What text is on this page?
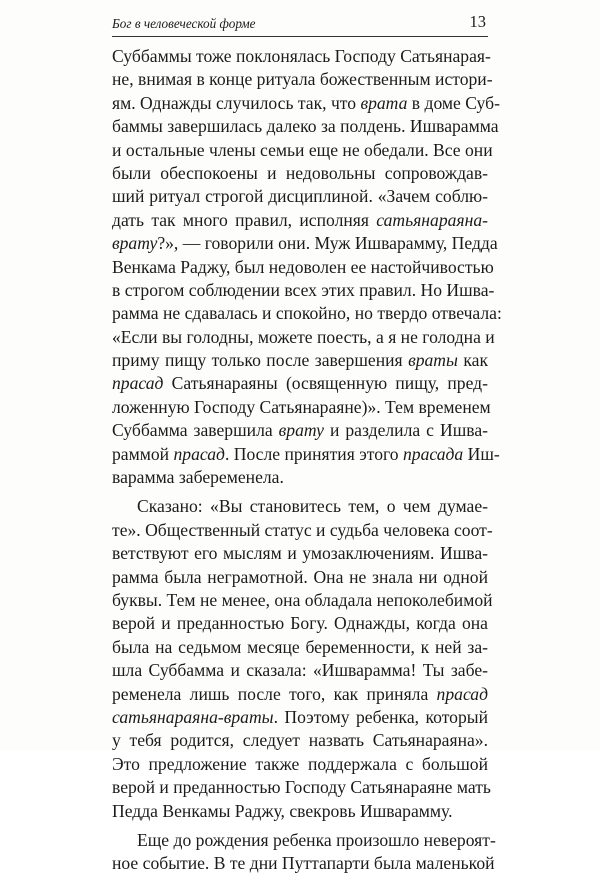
Бог в человеческой форме	13
Суббаммы тоже поклонялась Господу Сатьянарая-
не, внимая в конце ритуала божественным истори-
ям. Однажды случилось так, что врата в доме Суб-
баммы завершилась далеко за полдень. Ишварамма
и остальные члены семьи еще не обедали. Все они
были обеспокоены и недовольны сопровождав-
ший ритуал строгой дисциплиной. «Зачем соблю-
дать так много правил, исполняя сатьянараяна-
врату?», — говорили они. Муж Ишварамму, Педда
Венкама Раджу, был недоволен ее настойчивостью
в строгом соблюдении всех этих правил. Но Ишва-
рамма не сдавалась и спокойно, но твердо отвечала:
«Если вы голодны, можете поесть, а я не голодна и
приму пищу только после завершения враты как
прасад Сатьянараяны (освященную пищу, пред-
ложенную Господу Сатьянараяне)». Тем временем
Суббамма завершила врату и разделила с Ишва-
раммой прасад. После принятия этого прасада Иш-
варамма забеременела.
Сказано: «Вы становитесь тем, о чем думае-
те». Общественный статус и судьба человека соот-
ветствуют его мыслям и умозаключениям. Ишва-
рамма была неграмотной. Она не знала ни одной
буквы. Тем не менее, она обладала непоколебимой
верой и преданностью Богу. Однажды, когда она
была на седьмом месяце беременности, к ней за-
шла Суббамма и сказала: «Ишварамма! Ты забе-
ременела лишь после того, как приняла прасад
сатьянараяна-враты. Поэтому ребенка, который
у тебя родится, следует назвать Сатьянараяна».
Это предложение также поддержала с большой
верой и преданностью Господу Сатьянараяне мать
Педда Венкамы Раджу, свекровь Ишварамму.
Еще до рождения ребенка произошло невероят-
ное событие. В те дни Путтапарти была маленькой
